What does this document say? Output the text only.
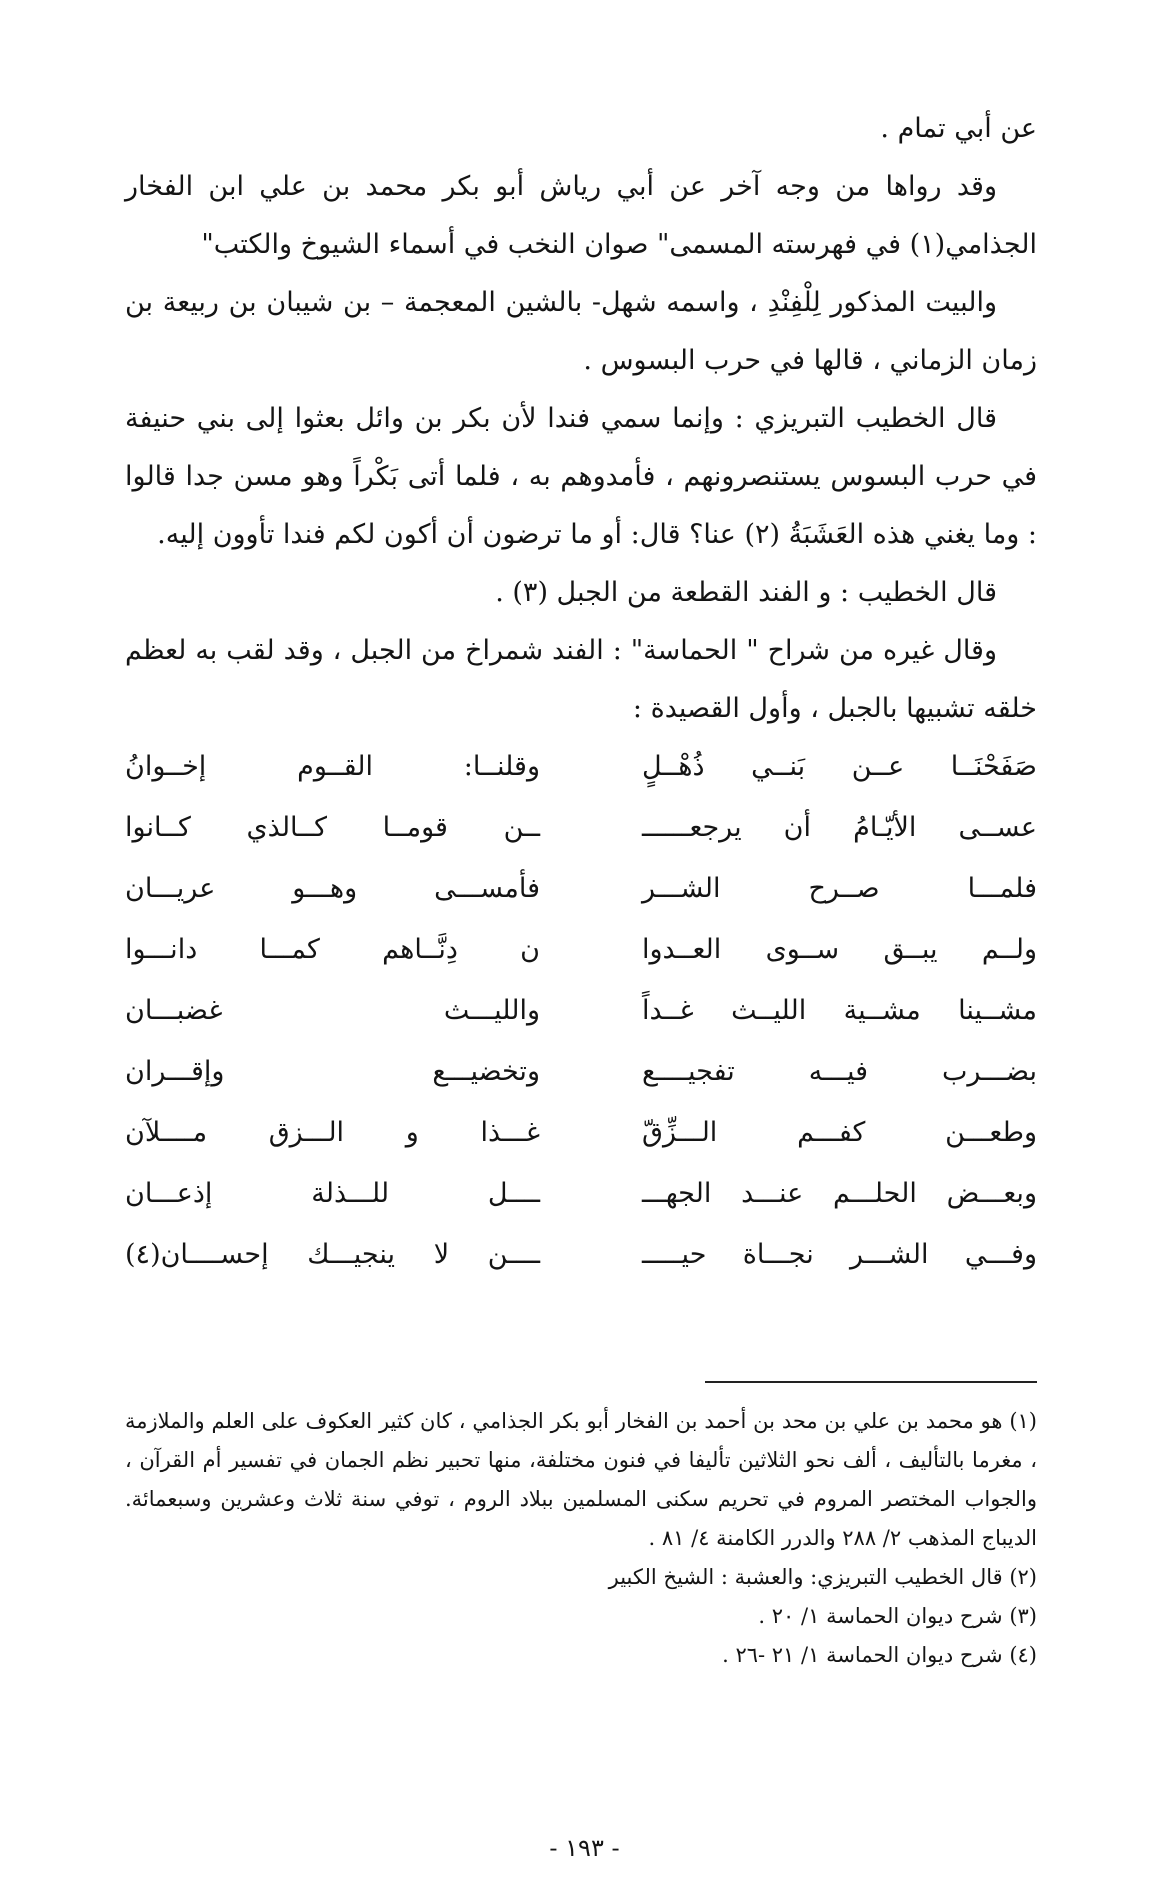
عن أبي تمام .

وقد رواها من وجه آخر عن أبي رياش أبو بكر محمد بن علي ابن الفخار الجذامي(١) في فهرسته المسمى" صوان النخب في أسماء الشيوخ والكتب"

والبيت المذكور لِلْفِنْدِ ، واسمه شهل- بالشين المعجمة – بن شيبان بن ربيعة بن زمان الزماني ، قالها في حرب البسوس .

قال الخطيب التبريزي : وإنما سمي فندا لأن بكر بن وائل بعثوا إلى بني حنيفة في حرب البسوس يستنصرونهم ، فأمدوهم به ، فلما أتى بَكْراً وهو مسن جدا قالوا : وما يغني هذه العَشَبَةُ (٢) عنا؟ قال: أو ما ترضون أن أكون لكم فندا تأوون إليه.

قال الخطيب : و الفند القطعة من الجبل (٣) .

وقال غيره من شراح " الحماسة" : الفند شمراخ من الجبل ، وقد لقب به لعظم خلقه تشبيها بالجبل ، وأول القصيدة :

صَفَحْنَــا عــن بَنــي ذُهْــلٍ
وقلنــا: القــوم إخــوانُ
عســى الأيّـامُ أن يرجعــــــ
ــن قومــا كــالذي كــانوا
فلمـــا صــرح الشـــر
فأمســـى وهـــو عريـــان
ولــم يبــق ســوى العــدوا
ن دِنَّــاهم كمـــا دانـــوا
مشــينا مشــية الليــث غــداً
والليـــث غضبـــان
بضـــرب فيـــه تفجيــــع
وتخضيـــع وإقـــران
وطعـــن كفـــم الـــزِّقّ
غـــذا و الـــزق مــــلآن
وبعـــض الحلـــم عنـــد الجهـــ
ــــل للـــذلة إذعـــان
وفـــي الشـــر نجـــاة حيـــــ
ــــن لا ينجيـــك إحســــان(٤)

(١) هو محمد بن علي بن محد بن أحمد بن الفخار أبو بكر الجذامي ، كان كثير العكوف على العلم والملازمة ، مغرما بالتأليف ، ألف نحو الثلاثين تأليفا في فنون مختلفة، منها تحبير نظم الجمان في تفسير أم القرآن ، والجواب المختصر المروم في تحريم سكنى المسلمين ببلاد الروم ، توفي سنة ثلاث وعشرين وسبعمائة. الديباج المذهب ٢/ ٢٨٨ والدرر الكامنة ٤/ ٨١ .

(٢) قال الخطيب التبريزي: والعشبة : الشيخ الكبير

(٣) شرح ديوان الحماسة ١/ ٢٠ .

(٤) شرح ديوان الحماسة ١/ ٢١ -٢٦ .

- ١٩٣ -
